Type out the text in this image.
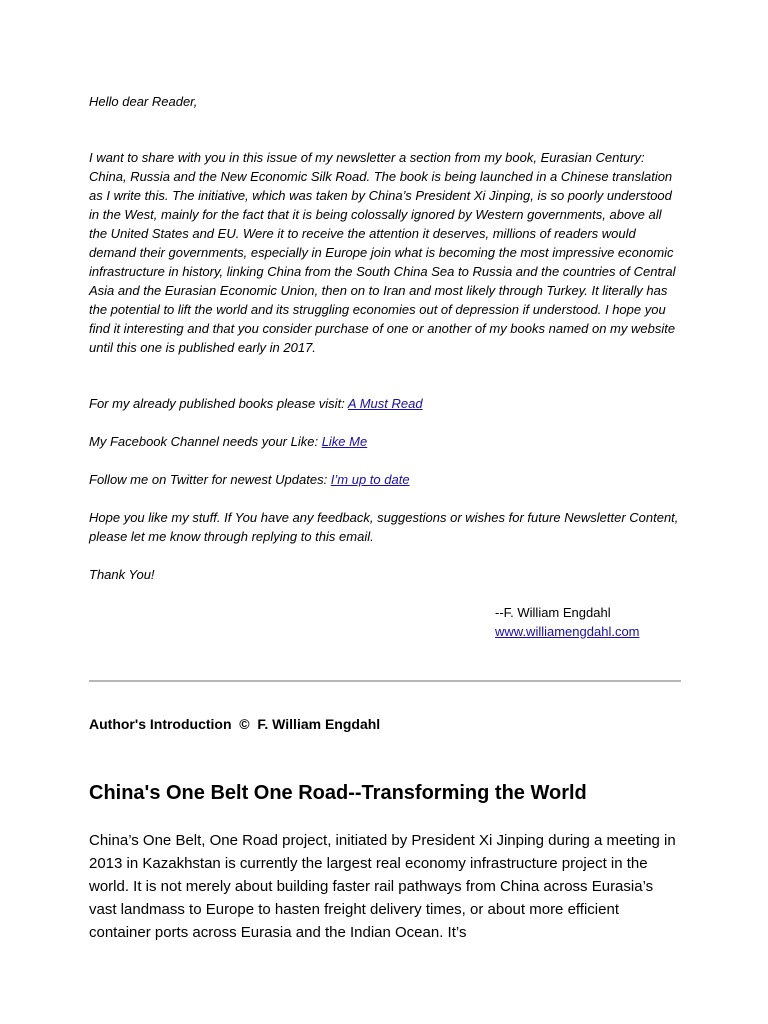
Hello dear Reader,

I want to share with you in this issue of my newsletter a section from my book, Eurasian Century: China, Russia and the New Economic Silk Road. The book is being launched in a Chinese translation as I write this. The initiative, which was taken by China’s President Xi Jinping, is so poorly understood in the West, mainly for the fact that it is being colossally ignored by Western governments, above all the United States and EU. Were it to receive the attention it deserves, millions of readers would demand their governments, especially in Europe join what is becoming the most impressive economic infrastructure in history, linking China from the South China Sea to Russia and the countries of Central Asia and the Eurasian Economic Union, then on to Iran and most likely through Turkey. It literally has the potential to lift the world and its struggling economies out of depression if understood. I hope you find it interesting and that you consider purchase of one or another of my books named on my website until this one is published early in 2017.

For my already published books please visit: A Must Read

My Facebook Channel needs your Like: Like Me

Follow me on Twitter for newest Updates: I’m up to date

Hope you like my stuff. If You have any feedback, suggestions or wishes for future Newsletter Content, please let me know through replying to this email.

Thank You!

--F. William Engdahl
www.williamengdahl.com
Author's Introduction  ©  F. William Engdahl
China's One Belt One Road--Transforming the World

China’s One Belt, One Road project, initiated by President Xi Jinping during a meeting in 2013 in Kazakhstan is currently the largest real economy infrastructure project in the world. It is not merely about building faster rail pathways from China across Eurasia’s vast landmass to Europe to hasten freight delivery times, or about more efficient container ports across Eurasia and the Indian Ocean. It’s
